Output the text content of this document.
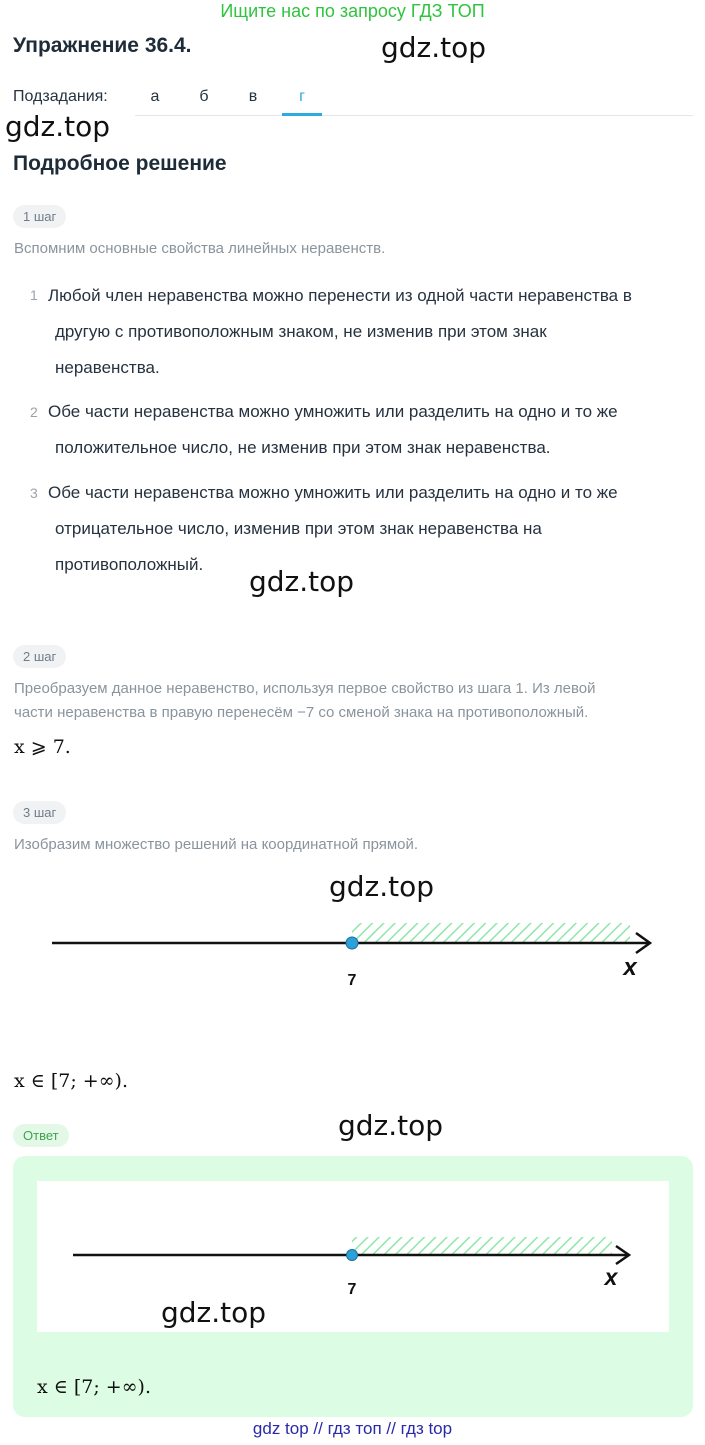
Ищите нас по запросу ГДЗ ТОП
Упражнение 36.4.	gdz.top
Подзадания:	а	б	в	г
gdz.top
Подробное решение
1 шаг
Вспомним основные свойства линейных неравенств.
1 Любой член неравенства можно перенести из одной части неравенства в
другую с противоположным знаком, не изменив при этом знак
неравенства.
2 Обе части неравенства можно умножить или разделить на одно и то же
положительное число, не изменив при этом знак неравенства.
3 Обе части неравенства можно умножить или разделить на одно и то же
отрицательное число, изменив при этом знак неравенства на
противоположный.
gdz.top
2 шаг
Преобразуем данное неравенство, используя первое свойство из шага 1. Из левой
части неравенства в правую перенесём −7 со сменой знака на противоположный.
x ⩾ 7.
3 шаг
Изобразим множество решений на координатной прямой.
gdz.top
7	x
x ∈ [7; +∞).
Ответ	gdz.top
7	x
gdz.top
x ∈ [7; +∞).
gdz top // гдз топ // гдз top
